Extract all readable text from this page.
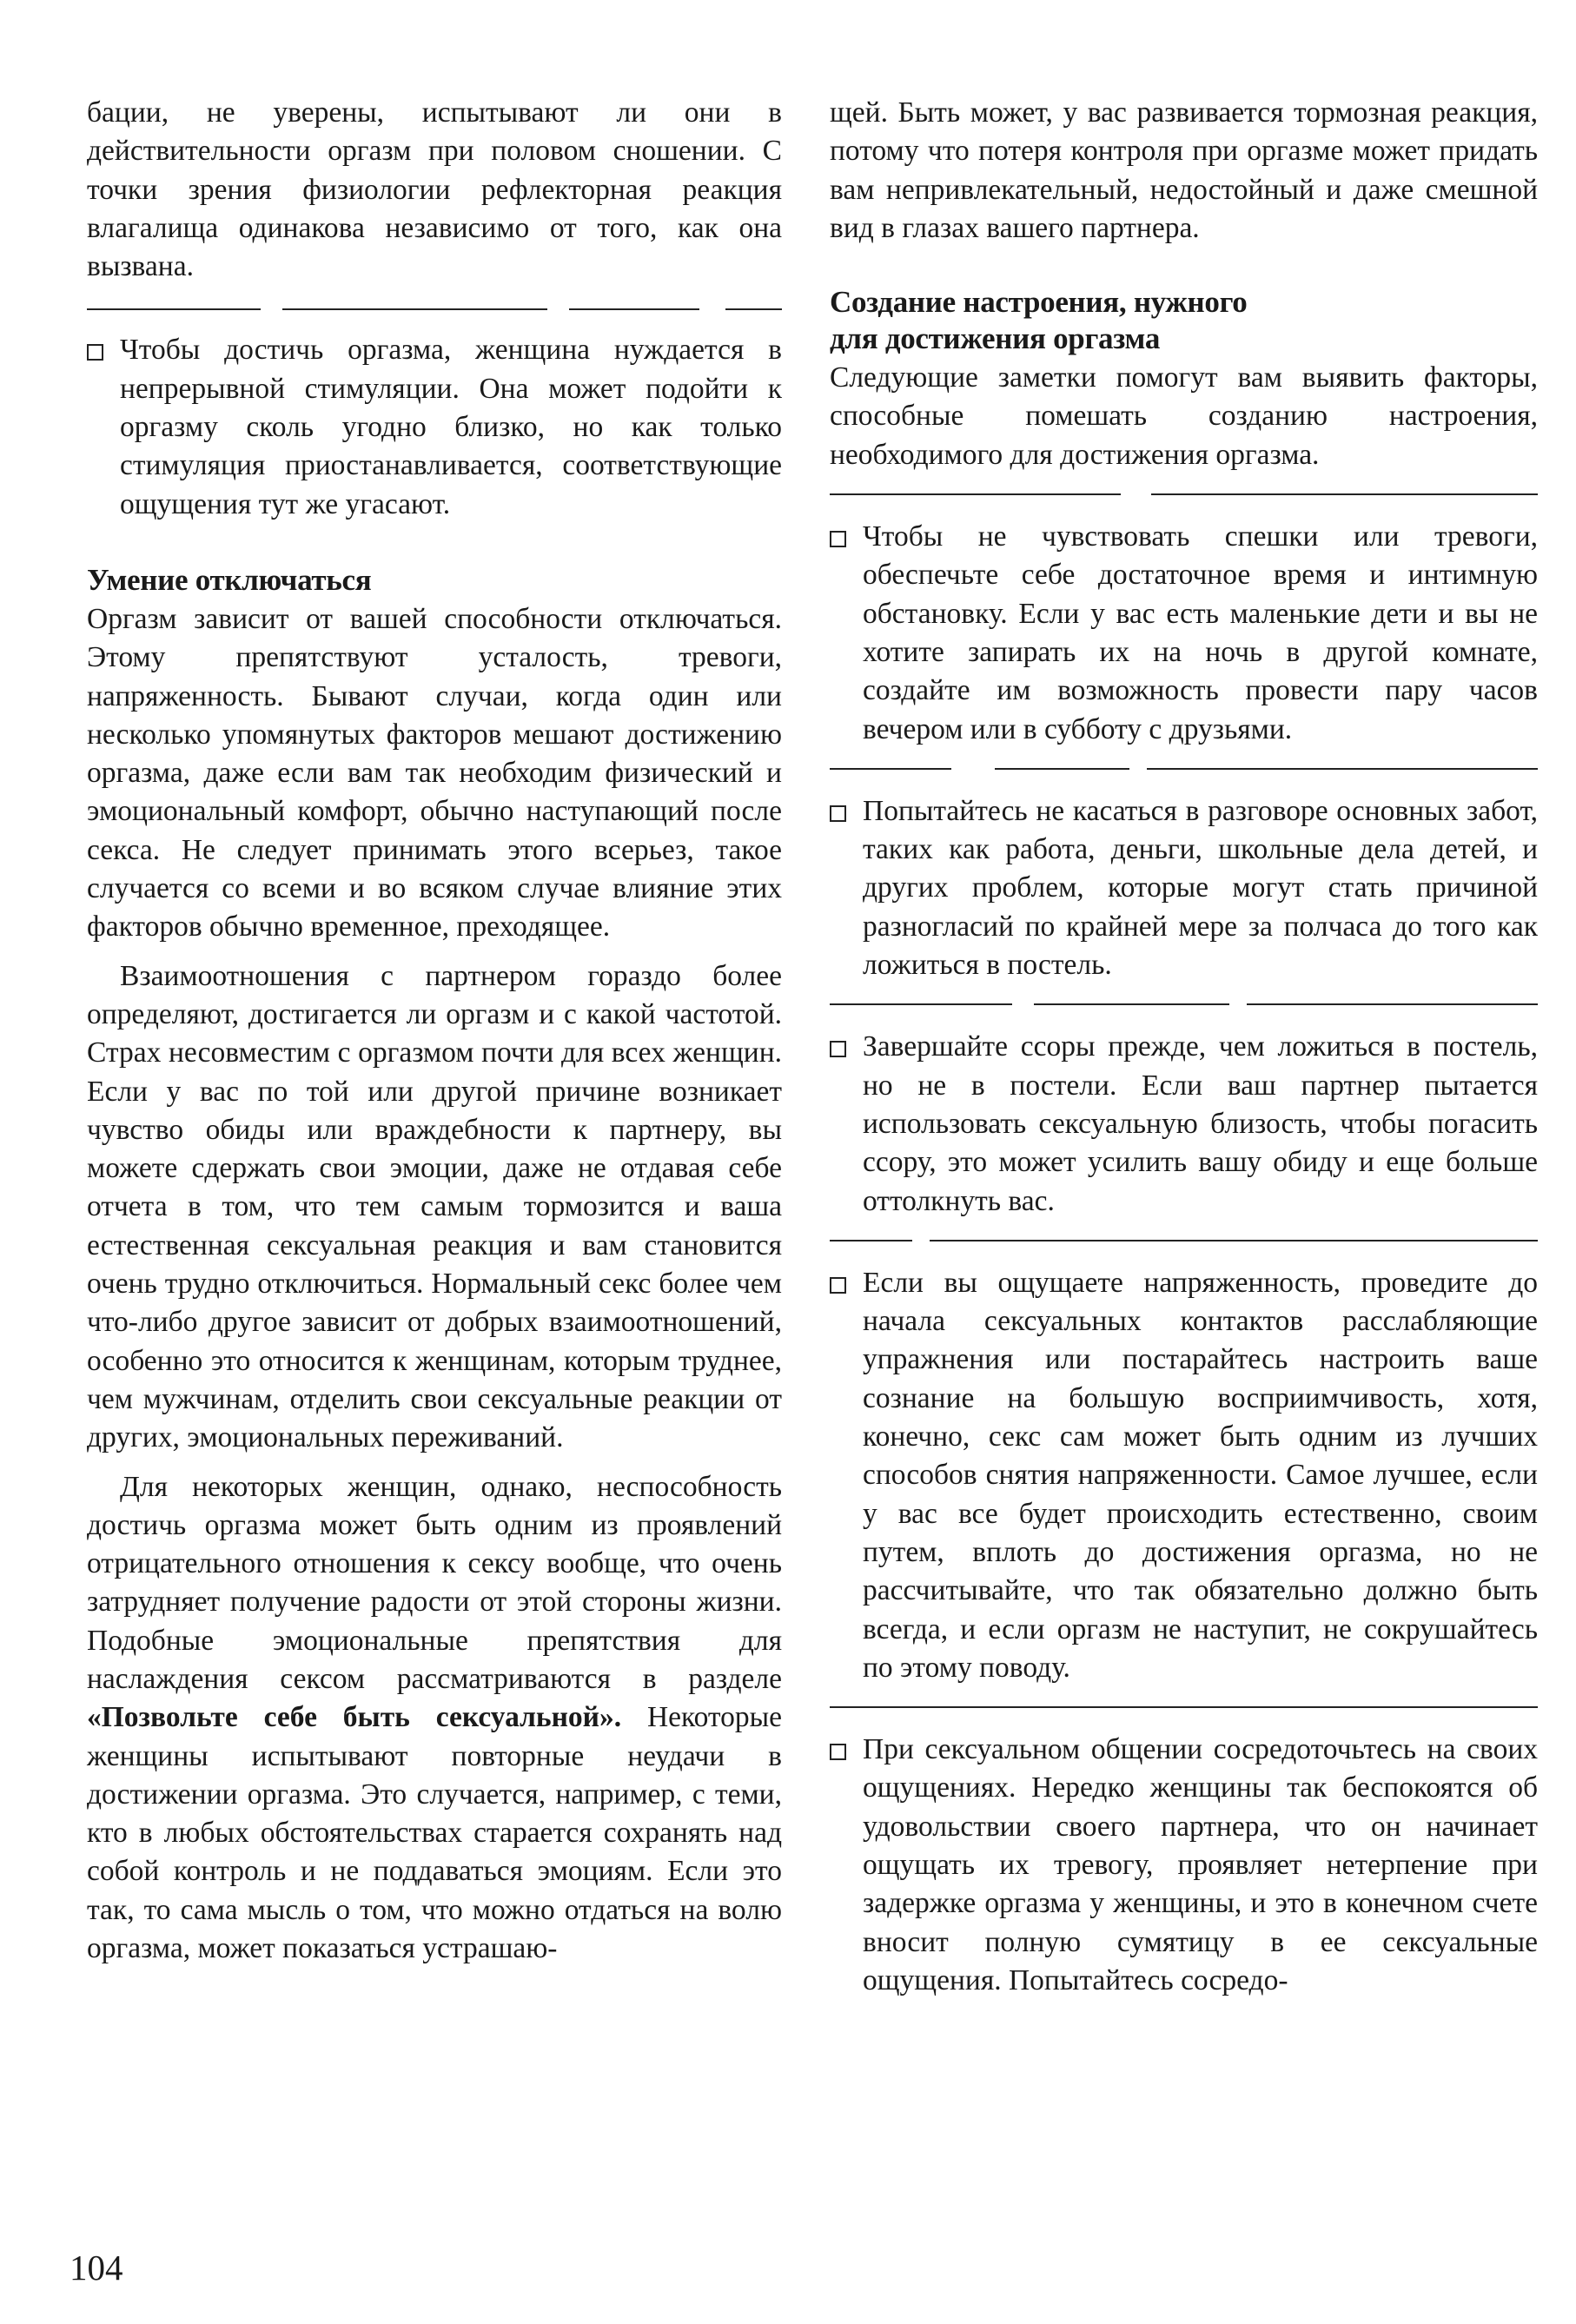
бации, не уверены, испытывают ли они в действительности оргазм при половом сношении. С точки зрения физиологии рефлекторная реакция влагалища одинакова независимо от того, как она вызвана.

Чтобы достичь оргазма, женщина нуждается в непрерывной стимуляции. Она может подойти к оргазму сколь угодно близко, но как только стимуляция приостанавливается, соответствующие ощущения тут же угасают.

Умение отключаться

Оргазм зависит от вашей способности отключаться. Этому препятствуют усталость, тревоги, напряженность. Бывают случаи, когда один или несколько упомянутых факторов мешают достижению оргазма, даже если вам так необходим физический и эмоциональный комфорт, обычно наступающий после секса. Не следует принимать этого всерьез, такое случается со всеми и во всяком случае влияние этих факторов обычно временное, преходящее.

Взаимоотношения с партнером гораздо более определяют, достигается ли оргазм и с какой частотой. Страх несовместим с оргазмом почти для всех женщин. Если у вас по той или другой причине возникает чувство обиды или враждебности к партнеру, вы можете сдержать свои эмоции, даже не отдавая себе отчета в том, что тем самым тормозится и ваша естественная сексуальная реакция и вам становится очень трудно отключиться. Нормальный секс более чем что-либо другое зависит от добрых взаимоотношений, особенно это относится к женщинам, которым труднее, чем мужчинам, отделить свои сексуальные реакции от других, эмоциональных переживаний.

Для некоторых женщин, однако, неспособность достичь оргазма может быть одним из проявлений отрицательного отношения к сексу вообще, что очень затрудняет получение радости от этой стороны жизни. Подобные эмоциональные препятствия для наслаждения сексом рассматриваются в разделе «Позвольте себе быть сексуальной». Некоторые женщины испытывают повторные неудачи в достижении оргазма. Это случается, например, с теми, кто в любых обстоятельствах старается сохранять над собой контроль и не поддаваться эмоциям. Если это так, то сама мысль о том, что можно отдаться на волю оргазма, может показаться устрашаю-

щей. Быть может, у вас развивается тормозная реакция, потому что потеря контроля при оргазме может придать вам непривлекательный, недостойный и даже смешной вид в глазах вашего партнера.

Создание настроения, нужного
для достижения оргазма

Следующие заметки помогут вам выявить факторы, способные помешать созданию настроения, необходимого для достижения оргазма.

Чтобы не чувствовать спешки или тревоги, обеспечьте себе достаточное время и интимную обстановку. Если у вас есть маленькие дети и вы не хотите запирать их на ночь в другой комнате, создайте им возможность провести пару часов вечером или в субботу с друзьями.

Попытайтесь не касаться в разговоре основных забот, таких как работа, деньги, школьные дела детей, и других проблем, которые могут стать причиной разногласий по крайней мере за полчаса до того как ложиться в постель.

Завершайте ссоры прежде, чем ложиться в постель, но не в постели. Если ваш партнер пытается использовать сексуальную близость, чтобы погасить ссору, это может усилить вашу обиду и еще больше оттолкнуть вас.

Если вы ощущаете напряженность, проведите до начала сексуальных контактов расслабляющие упражнения или постарайтесь настроить ваше сознание на большую восприимчивость, хотя, конечно, секс сам может быть одним из лучших способов снятия напряженности. Самое лучшее, если у вас все будет происходить естественно, своим путем, вплоть до достижения оргазма, но не рассчитывайте, что так обязательно должно быть всегда, и если оргазм не наступит, не сокрушайтесь по этому поводу.

При сексуальном общении сосредоточьтесь на своих ощущениях. Нередко женщины так беспокоятся об удовольствии своего партнера, что он начинает ощущать их тревогу, проявляет нетерпение при задержке оргазма у женщины, и это в конечном счете вносит полную сумятицу в ее сексуальные ощущения. Попытайтесь сосредо-

104
